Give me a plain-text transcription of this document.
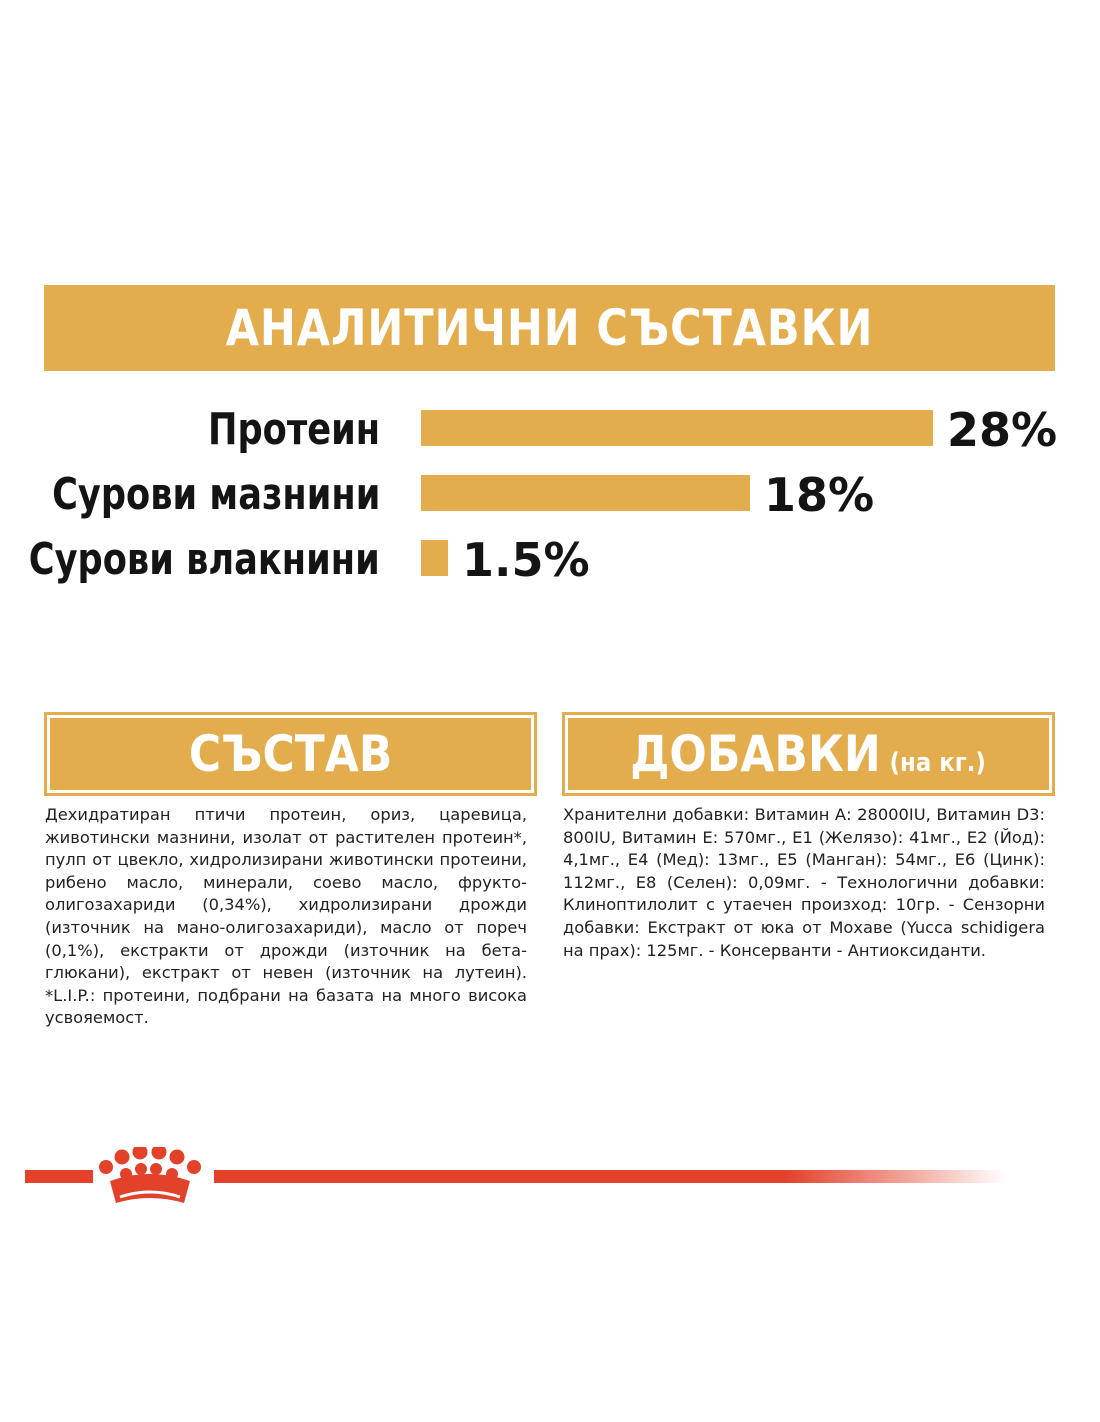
АНАЛИТИЧНИ СЪСТАВКИ
Протеин	28%
Сурови мазнини	18%
Сурови влакнини 1.5%
СЪСТАВ
Дехидратиран птичи протеин, ориз, царевица, животински мазнини, изолат от растителен протеин*, пулп от цвекло, хидролизирани животински протеини, рибено масло, минерали, соево масло, фрукто- олигозахариди (0,34%), хидролизирани дрожди (източник на мано-олигозахариди), масло от пореч (0,1%), екстракти от дрожди (източник на бета- глюкани), екстракт от невен (източник на лутеин). *L.I.P.: протеини, подбрани на базата на много висока усвояемост.
ДОБАВКИ (на кг.)
Хранителни добавки: Витамин А: 28000IU, Витамин D3: 800IU, Витамин Е: 570мг., Е1 (Желязо): 41мг., Е2 (Йод): 4,1мг., Е4 (Мед): 13мг., Е5 (Манган): 54мг., Е6 (Цинк): 112мг., Е8 (Селен): 0,09мг. - Технологични добавки: Клиноптилолит с утаечен произход: 10гр. - Сензорни добавки: Екстракт от юка от Мохаве (Yucca schidigera на прах): 125мг. - Консерванти - Антиоксиданти.
